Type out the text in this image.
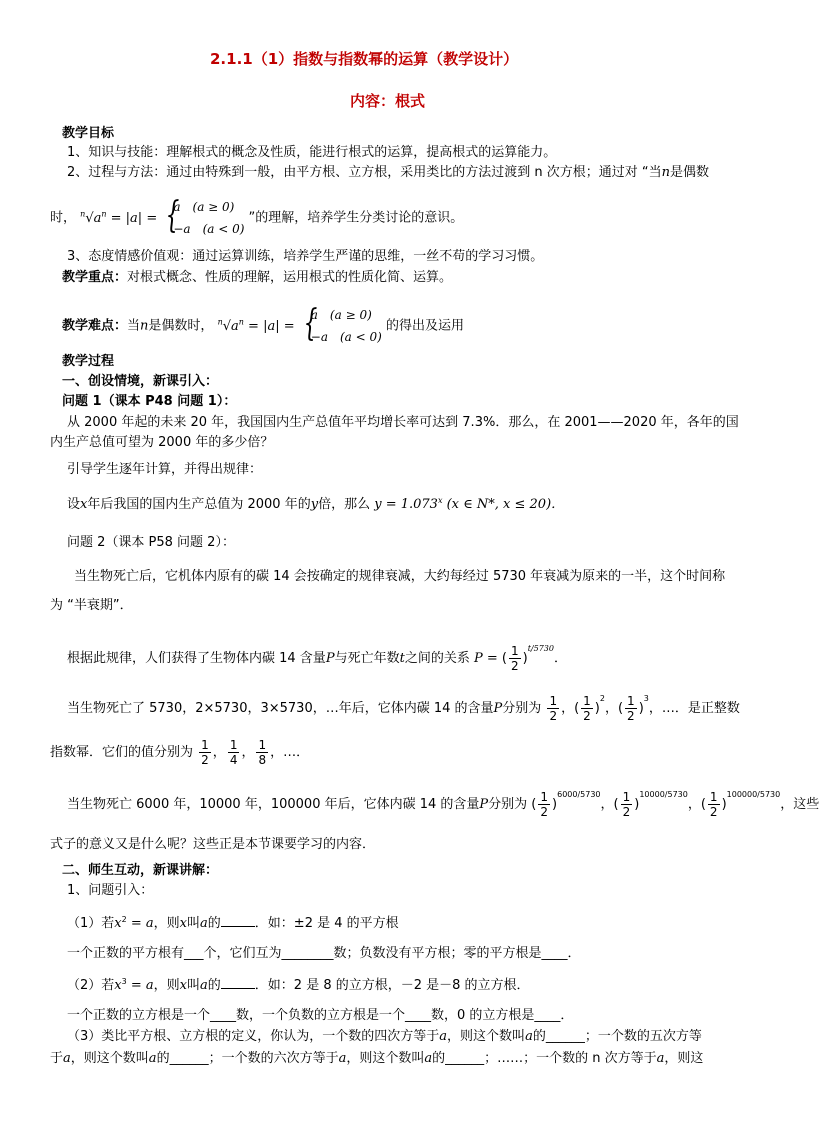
2.1.1（1）指数与指数幂的运算（教学设计）
内容：根式
教学目标
1、知识与技能：理解根式的概念及性质，能进行根式的运算，提高根式的运算能力。
2、过程与方法：通过由特殊到一般，由平方根、立方根，采用类比的方法过渡到 n 次方根；通过对 “当n是偶数
时， $^n√a^n = |a|$ = {
a　(a ≥ 0)
−a　(a < 0)
”的理解，培养学生分类讨论的意识。
3、态度情感价值观：通过运算训练，培养学生严谨的思维，一丝不苟的学习习惯。
教学重点：对根式概念、性质的理解，运用根式的性质化简、运算。
教学难点：当n是偶数时， $^n√a^n = |a|$ = {
a　(a ≥ 0)
−a　(a < 0)
的得出及运用
教学过程
一、创设情境，新课引入：
问题 1（课本 P48 问题 1）：
从 2000 年起的未来 20 年，我国国内生产总值年平均增长率可达到 7.3%．那么，在 2001——2020 年，各年的国
内生产总值可望为 2000 年的多少倍？
引导学生逐年计算，并得出规律：
设x年后我国的国内生产总值为 2000 年的y倍，那么 $y = 1.073^x$ (x ∈ N*, x ≤ 20)．
问题 2（课本 P58 问题 2）：
当生物死亡后，它机体内原有的碳 14 会按确定的规律衰减，大约每经过 5730 年衰减为原来的一半，这个时间称
为 “半衰期”．
根据此规律，人们获得了生物体内碳 14 含量P与死亡年数t之间的关系 P = ( $\frac{1}{2} )^{t/5730}$．
当生物死亡了 5730，2×5730，3×5730，…年后，它体内碳 14 的含量P分别为 $\frac{1}{2}$ ，( $\frac{1}{2} )^2$，( $\frac{1}{2} )^3$，…．是正整数
指数幂．它们的值分别为 $\frac{1}{2}$ ， $\frac{1}{4}$ ， $\frac{1}{8}$ ，…．
当生物死亡 6000 年，10000 年，100000 年后，它体内碳 14 的含量P分别为 ( $\frac{1}{2} )^{6000/5730}$，( $\frac{1}{2} )^{10000/5730}$，( $\frac{1}{2} )^{100000/5730}$，这些
式子的意义又是什么呢？这些正是本节课要学习的内容．
二、师生互动，新课讲解：
1、问题引入：
（1）若$x^2 = a$，则x叫a的	．如：±2 是 4 的平方根
一个正数的平方根有___个，它们互为________数；负数没有平方根；零的平方根是____．
（2）若$x^3 = a$，则x叫a的	．如：2 是 8 的立方根，－2 是－8 的立方根．
一个正数的立方根是一个____数，一个负数的立方根是一个____数，0 的立方根是____．
（3）类比平方根、立方根的定义，你认为，一个数的四次方等于a，则这个数叫a的______；一个数的五次方等
于a，则这个数叫a的______；一个数的六次方等于a，则这个数叫a的______；……；一个数的 n 次方等于a，则这
